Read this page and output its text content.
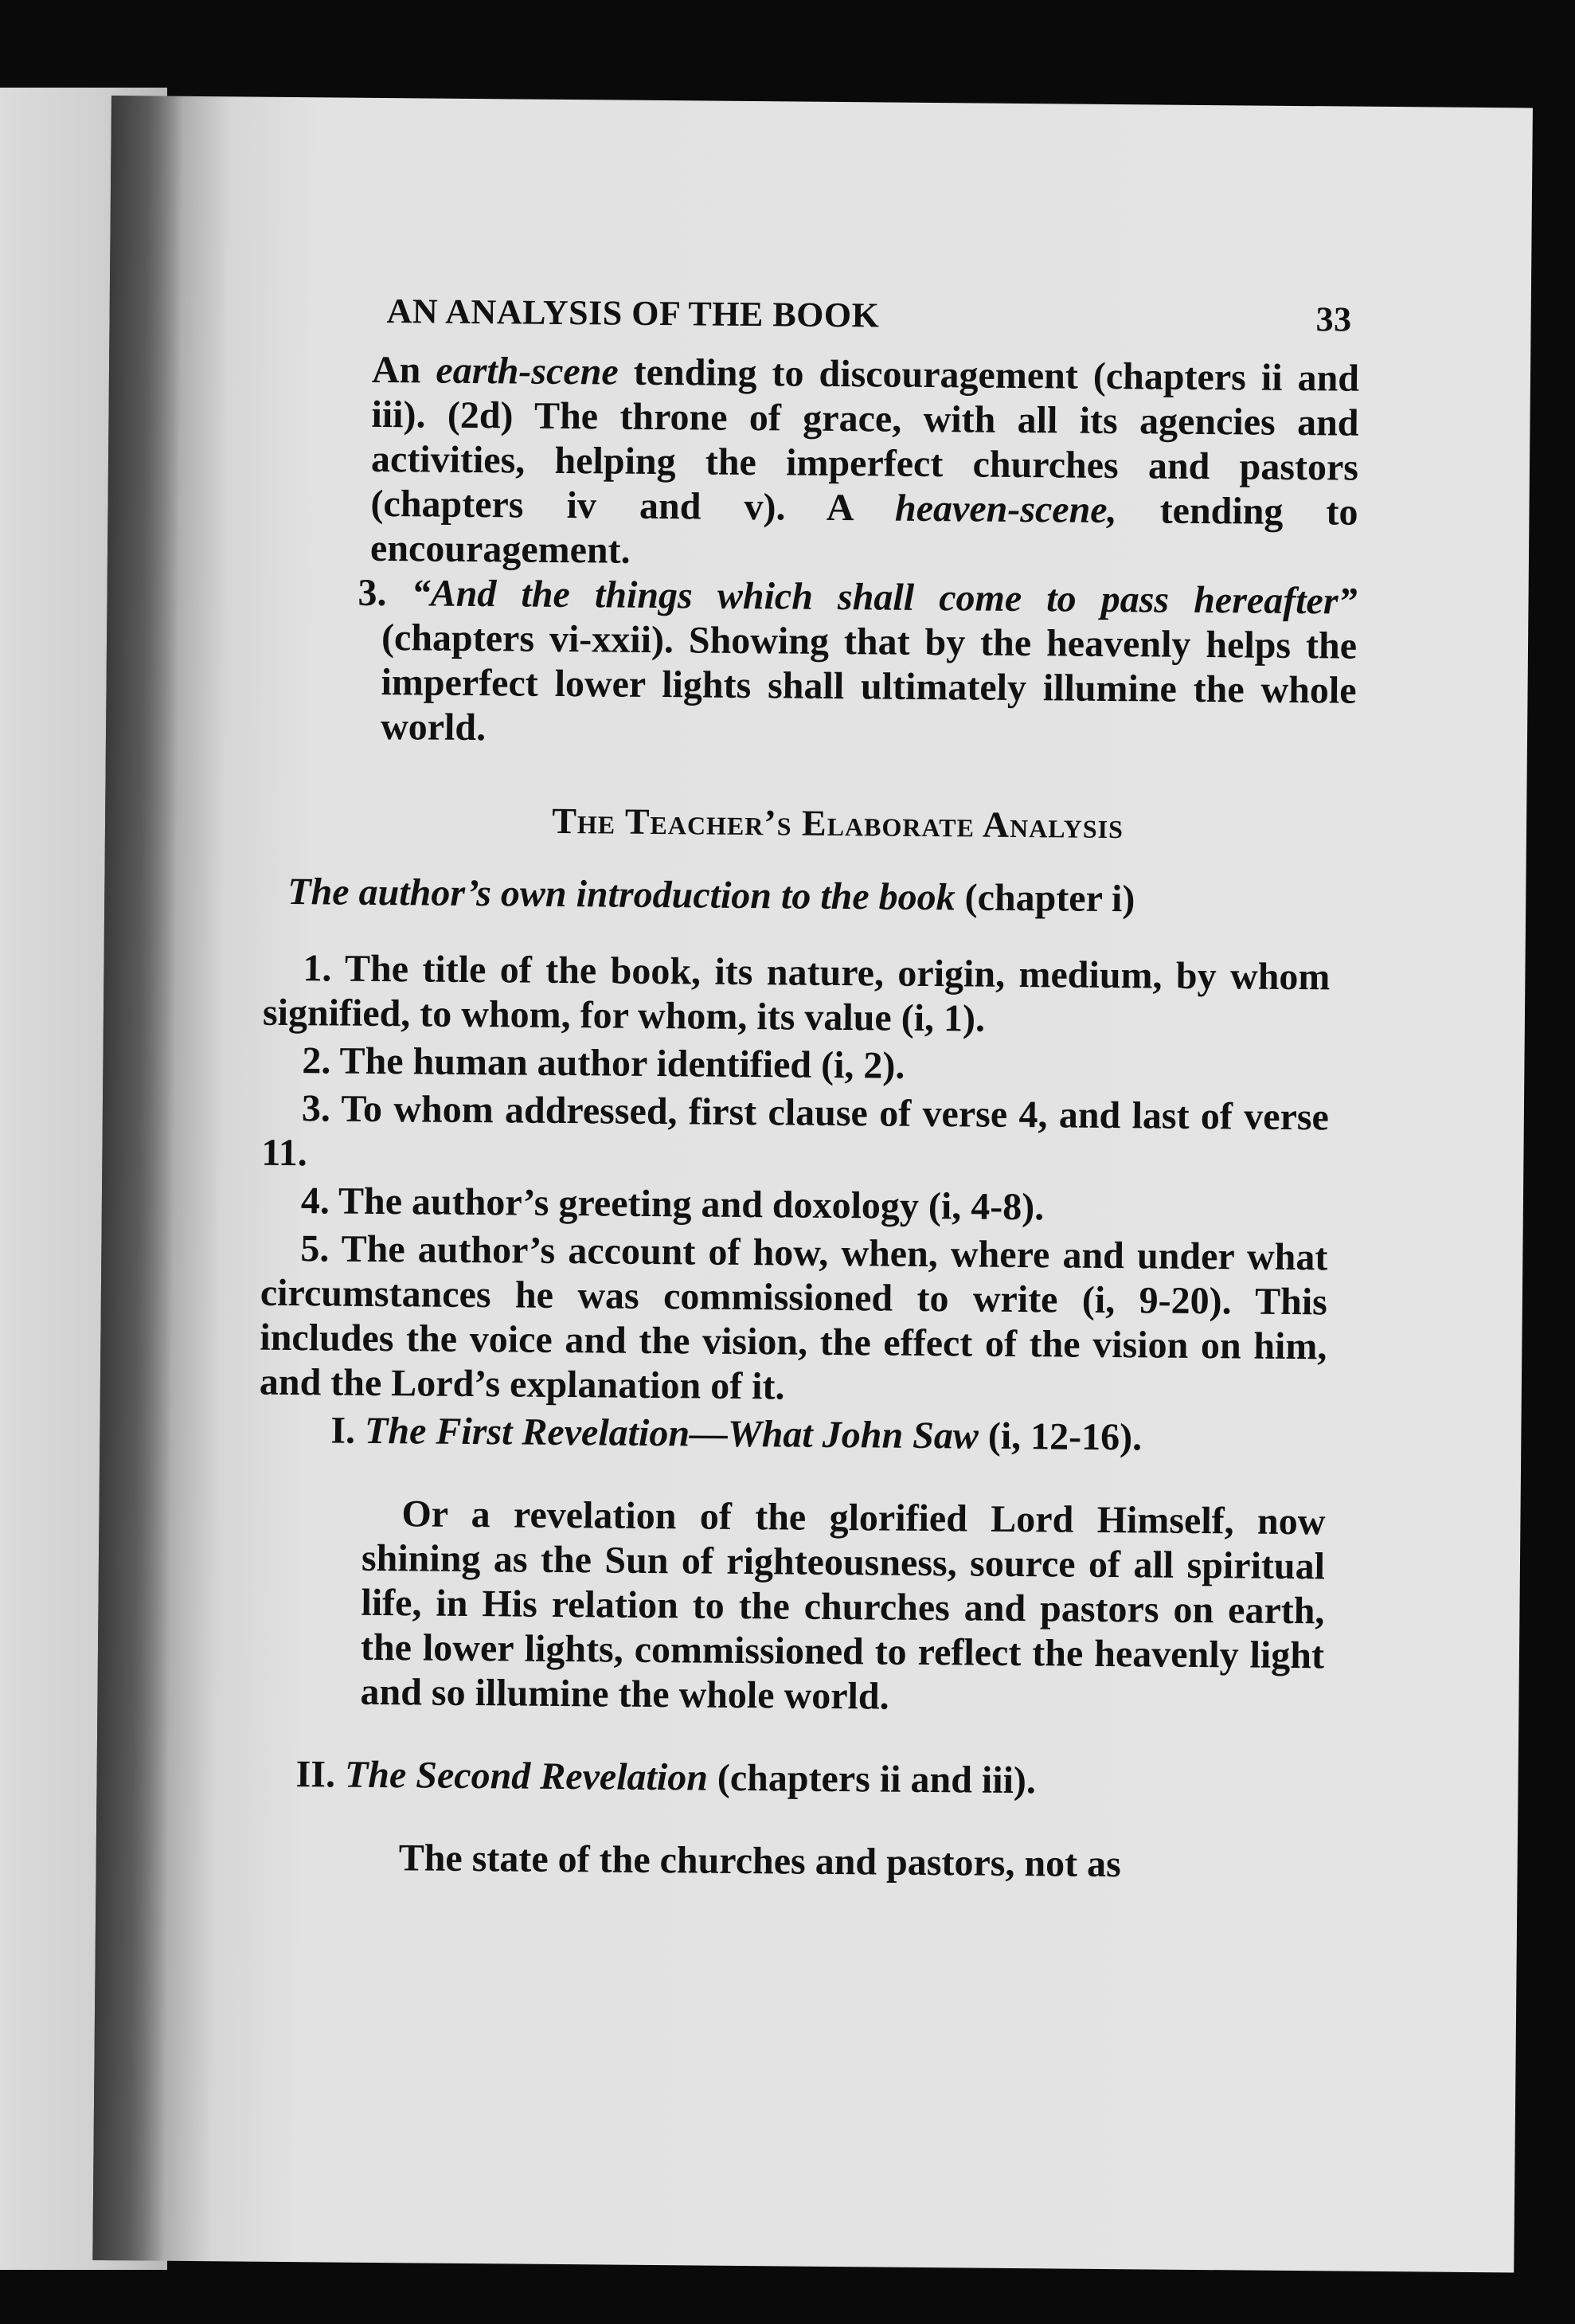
AN ANALYSIS OF THE BOOK	33

An earth-scene tending to discouragement (chapters ii and iii). (2d) The throne of grace, with all its agencies and activities, helping the imperfect churches and pastors (chapters iv and v). A heaven-scene, tending to encouragement.

3. “And the things which shall come to pass hereafter” (chapters vi-xxii). Showing that by the heavenly helps the imperfect lower lights shall ultimately illumine the whole world.

The Teacher’s Elaborate Analysis
The author’s own introduction to the book (chapter i)

1. The title of the book, its nature, origin, medium, by whom signified, to whom, for whom, its value (i, 1).

2. The human author identified (i, 2).

3. To whom addressed, first clause of verse 4, and last of verse 11.

4. The author’s greeting and doxology (i, 4-8).

5. The author’s account of how, when, where and under what circumstances he was commissioned to write (i, 9-20). This includes the voice and the vision, the effect of the vision on him, and the Lord’s explanation of it.

I. The First Revelation—What John Saw (i, 12-16).

Or a revelation of the glorified Lord Himself, now shining as the Sun of righteousness, source of all spiritual life, in His relation to the churches and pastors on earth, the lower lights, commissioned to reflect the heavenly light and so illumine the whole world.

II. The Second Revelation (chapters ii and iii).

The state of the churches and pastors, not as
